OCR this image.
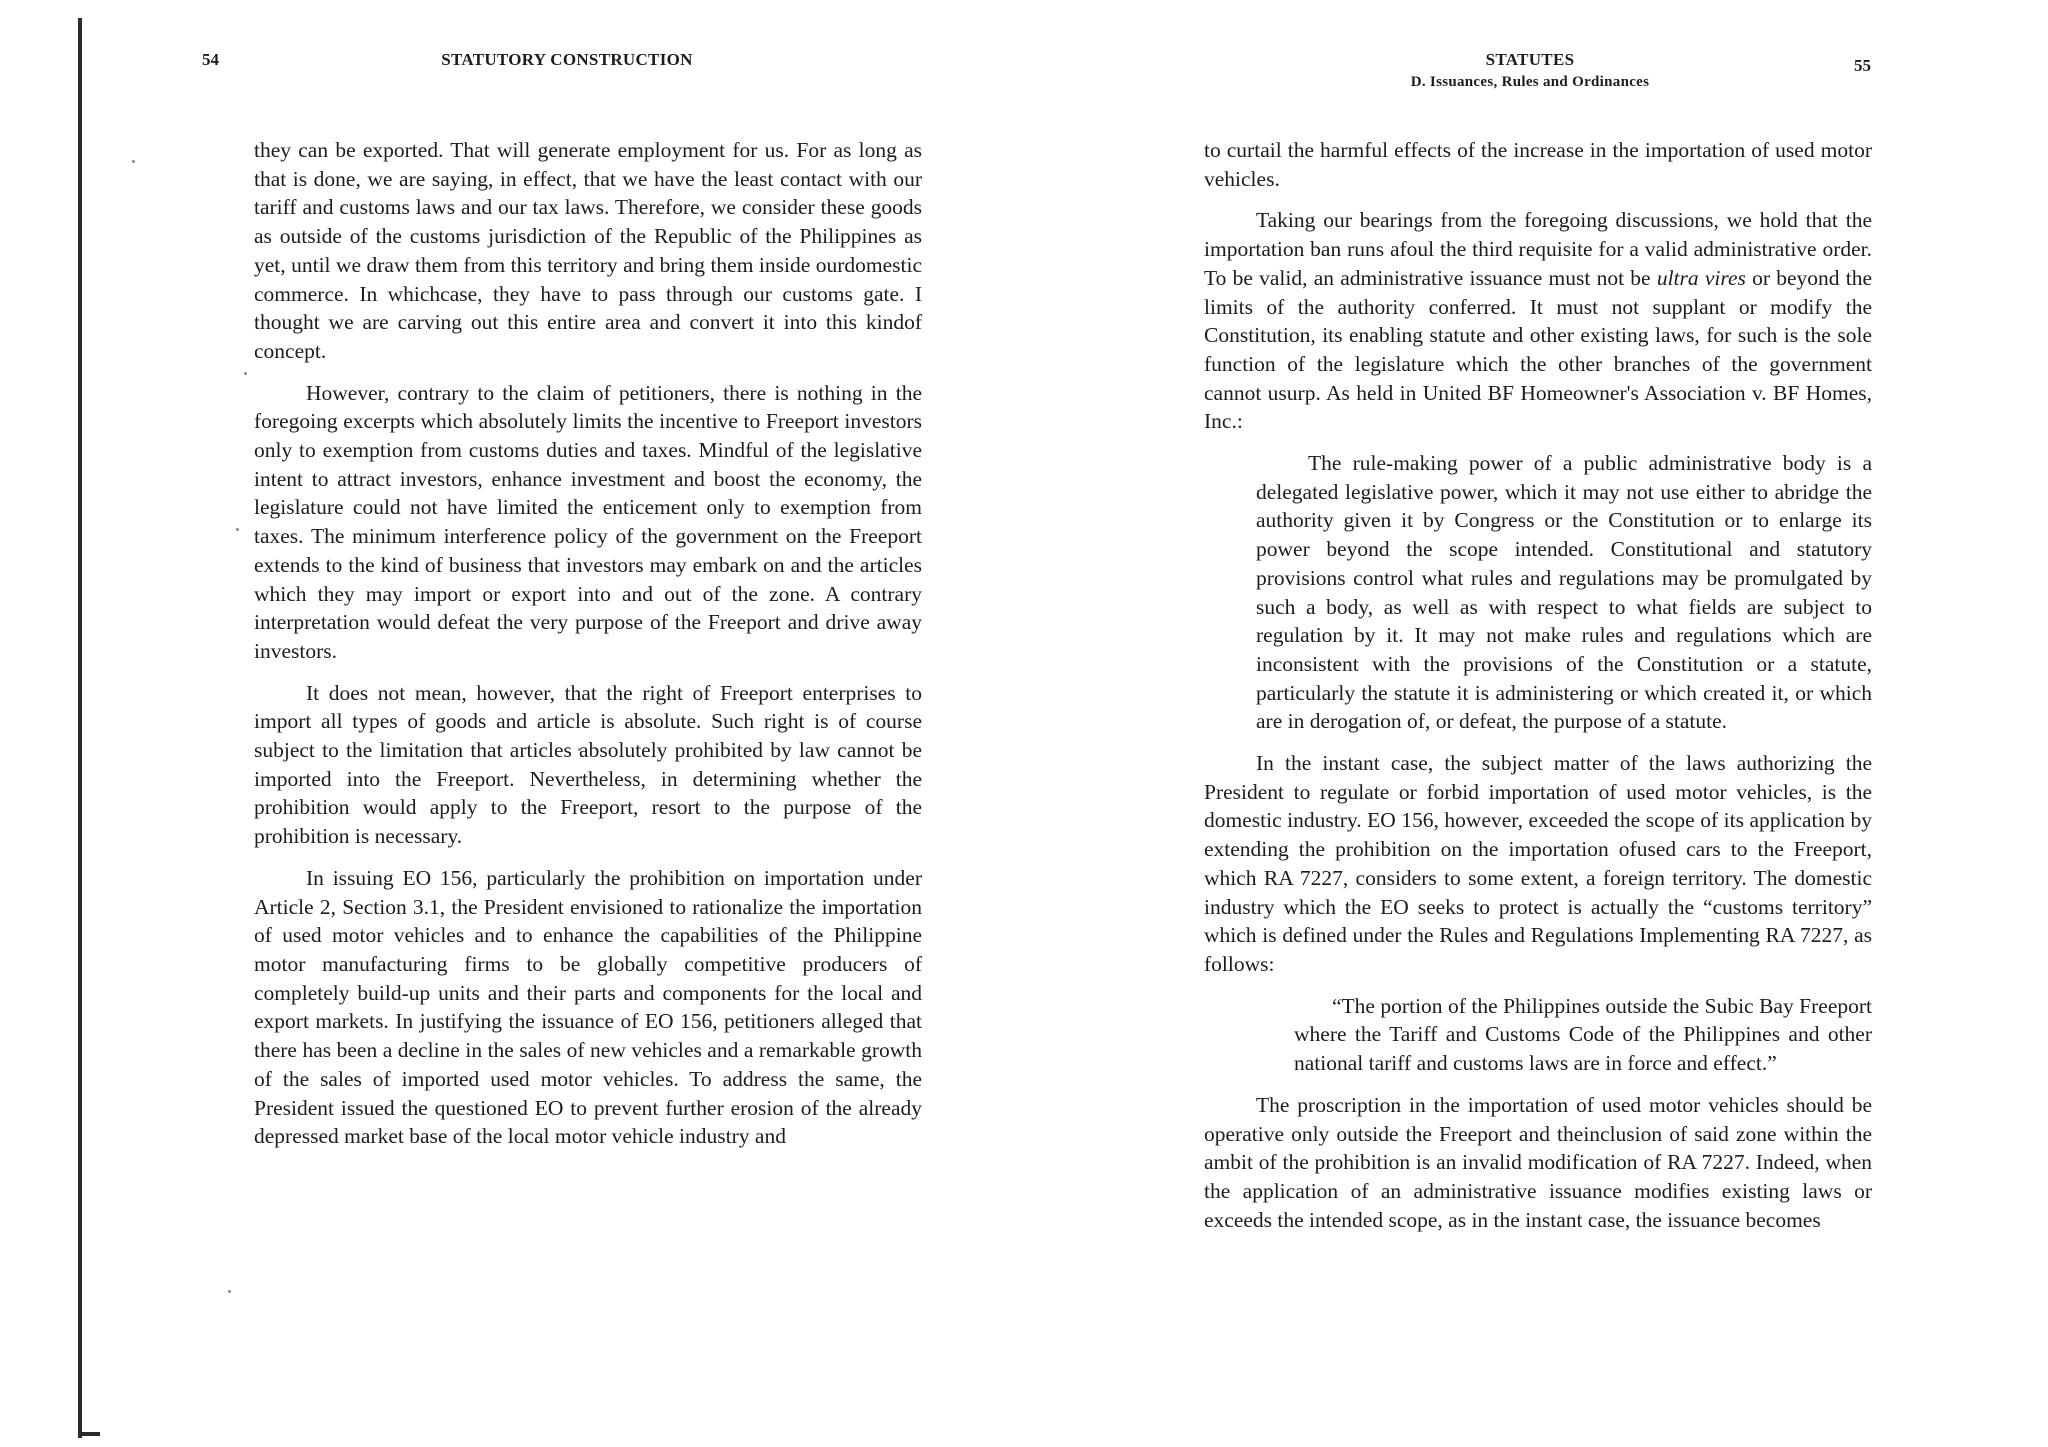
54	STATUTORY CONSTRUCTION

they can be exported. That will generate employment for us. For as long as that is done, we are saying, in effect, that we have the least contact with our tariff and customs laws and our tax laws. Therefore, we consider these goods as outside of the customs jurisdiction of the Republic of the Philippines as yet, until we draw them from this territory and bring them inside ourdomestic commerce. In whichcase, they have to pass through our customs gate. I thought we are carving out this entire area and convert it into this kindof concept.

However, contrary to the claim of petitioners, there is nothing in the foregoing excerpts which absolutely limits the incentive to Freeport investors only to exemption from customs duties and taxes. Mindful of the legislative intent to attract investors, enhance investment and boost the economy, the legislature could not have limited the enticement only to exemption from taxes. The minimum interference policy of the government on the Freeport extends to the kind of business that investors may embark on and the articles which they may import or export into and out of the zone. A contrary interpretation would defeat the very purpose of the Freeport and drive away investors.

It does not mean, however, that the right of Freeport enterprises to import all types of goods and article is absolute. Such right is of course subject to the limitation that articles absolutely prohibited by law cannot be imported into the Freeport. Nevertheless, in determining whether the prohibition would apply to the Freeport, resort to the purpose of the prohibition is necessary.

In issuing EO 156, particularly the prohibition on importation under Article 2, Section 3.1, the President envisioned to rationalize the importation of used motor vehicles and to enhance the capabilities of the Philippine motor manufacturing firms to be globally competitive producers of completely build-up units and their parts and components for the local and export markets. In justifying the issuance of EO 156, petitioners alleged that there has been a decline in the sales of new vehicles and a remarkable growth of the sales of imported used motor vehicles. To address the same, the President issued the questioned EO to prevent further erosion of the already depressed market base of the local motor vehicle industry and

STATUTES
D. Issuances, Rules and Ordinances
55

to curtail the harmful effects of the increase in the importation of used motor vehicles.

Taking our bearings from the foregoing discussions, we hold that the importation ban runs afoul the third requisite for a valid administrative order. To be valid, an administrative issuance must not be ultra vires or beyond the limits of the authority conferred. It must not supplant or modify the Constitution, its enabling statute and other existing laws, for such is the sole function of the legislature which the other branches of the government cannot usurp. As held in United BF Homeowner's Association v. BF Homes, Inc.:

The rule-making power of a public administrative body is a delegated legislative power, which it may not use either to abridge the authority given it by Congress or the Constitution or to enlarge its power beyond the scope intended. Constitutional and statutory provisions control what rules and regulations may be promulgated by such a body, as well as with respect to what fields are subject to regulation by it. It may not make rules and regulations which are inconsistent with the provisions of the Constitution or a statute, particularly the statute it is administering or which created it, or which are in derogation of, or defeat, the purpose of a statute.

In the instant case, the subject matter of the laws authorizing the President to regulate or forbid importation of used motor vehicles, is the domestic industry. EO 156, however, exceeded the scope of its application by extending the prohibition on the importation ofused cars to the Freeport, which RA 7227, considers to some extent, a foreign territory. The domestic industry which the EO seeks to protect is actually the “customs territory” which is defined under the Rules and Regulations Implementing RA 7227, as follows:

“The portion of the Philippines outside the Subic Bay Freeport where the Tariff and Customs Code of the Philippines and other national tariff and customs laws are in force and effect.”

The proscription in the importation of used motor vehicles should be operative only outside the Freeport and theinclusion of said zone within the ambit of the prohibition is an invalid modification of RA 7227. Indeed, when the application of an administrative issuance modifies existing laws or exceeds the intended scope, as in the instant case, the issuance becomes
